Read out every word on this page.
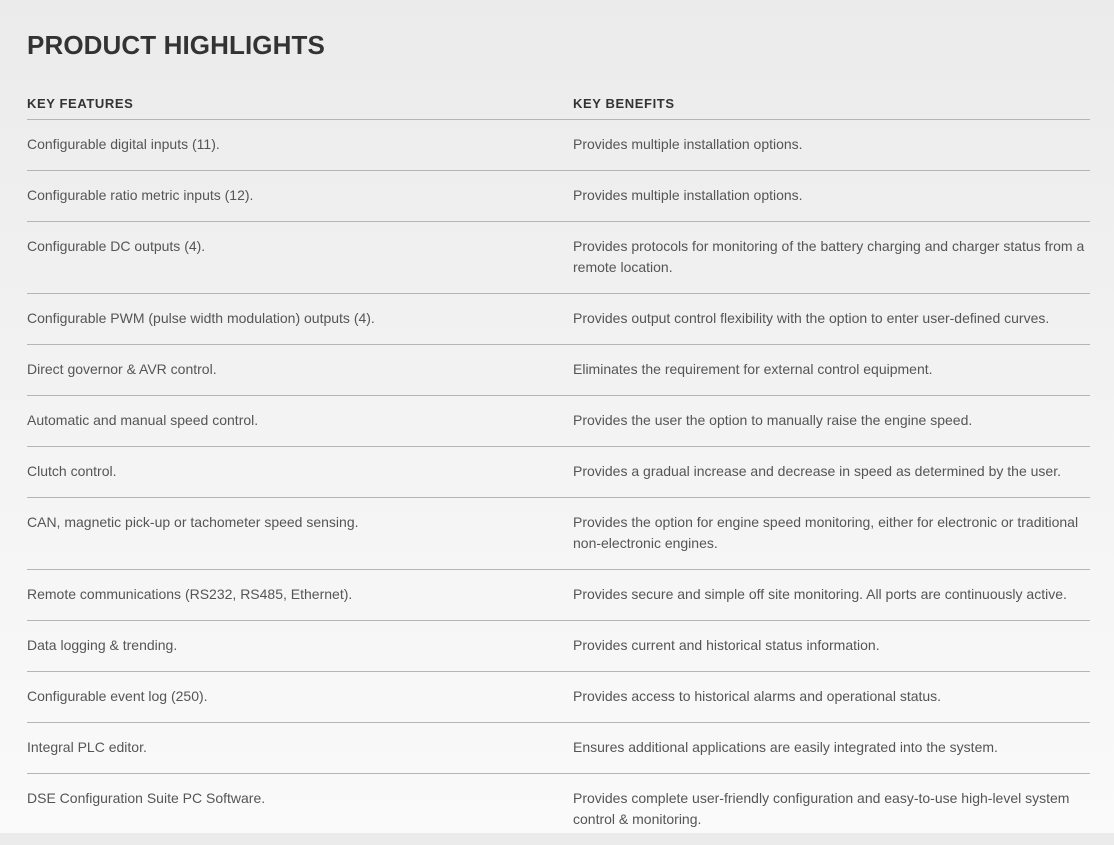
PRODUCT HIGHLIGHTS
KEY FEATURES	KEY BENEFITS
Configurable digital inputs (11).	Provides multiple installation options.
Configurable ratio metric inputs (12).	Provides multiple installation options.
Configurable DC outputs (4).	Provides protocols for monitoring of the battery charging and charger status from a remote location.
Configurable PWM (pulse width modulation) outputs (4).	Provides output control flexibility with the option to enter user-defined curves.
Direct governor & AVR control.	Eliminates the requirement for external control equipment.
Automatic and manual speed control.	Provides the user the option to manually raise the engine speed.
Clutch control.	Provides a gradual increase and decrease in speed as determined by the user.
CAN, magnetic pick-up or tachometer speed sensing.	Provides the option for engine speed monitoring, either for electronic or traditional non-electronic engines.
Remote communications (RS232, RS485, Ethernet).	Provides secure and simple off site monitoring. All ports are continuously active.
Data logging & trending.	Provides current and historical status information.
Configurable event log (250).	Provides access to historical alarms and operational status.
Integral PLC editor.	Ensures additional applications are easily integrated into the system.
DSE Configuration Suite PC Software.	Provides complete user-friendly configuration and easy-to-use high-level system control & monitoring.
